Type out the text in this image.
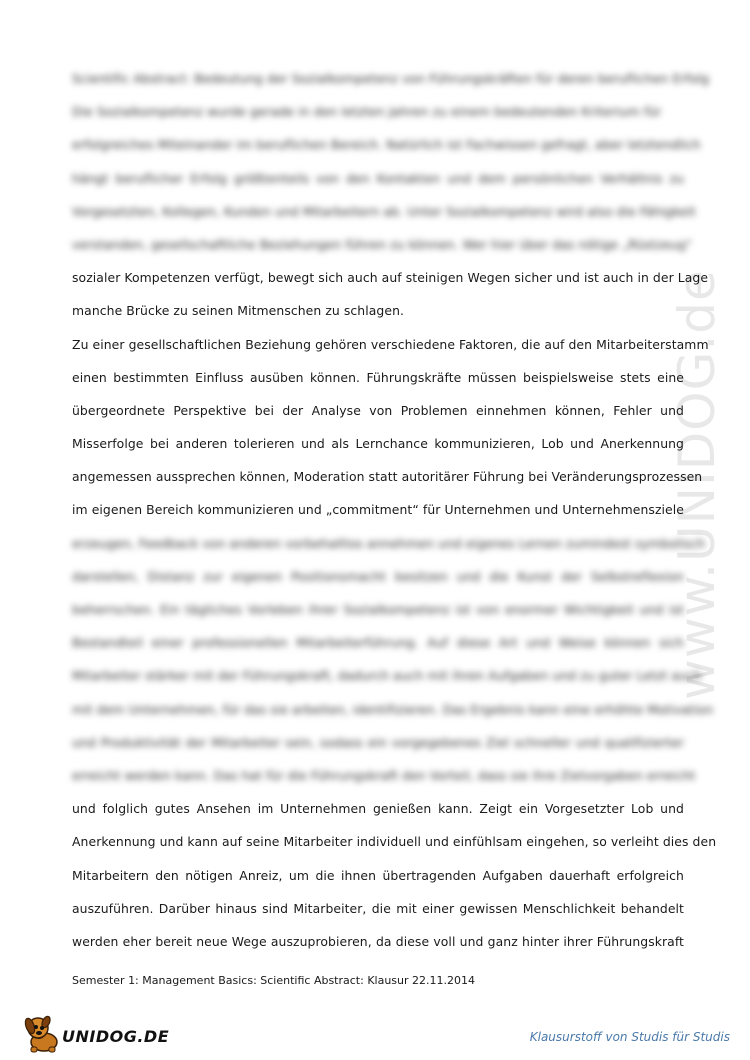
www.UNIDOG.de
Scientific Abstract: Bedeutung der Sozialkompetenz von Führungskräften für deren beruflichen Erfolg
Die Sozialkompetenz wurde gerade in den letzten Jahren zu einem bedeutenden Kriterium für
erfolgreiches Miteinander im beruflichen Bereich. Natürlich ist Fachwissen gefragt, aber letztendlich
hängt beruflicher Erfolg größtenteils von den Kontakten und dem persönlichen Verhältnis zu
Vorgesetzten, Kollegen, Kunden und Mitarbeitern ab. Unter Sozialkompetenz wird also die Fähigkeit
verstanden, gesellschaftliche Beziehungen führen zu können. Wer hier über das nötige „Rüstzeug“
sozialer Kompetenzen verfügt, bewegt sich auch auf steinigen Wegen sicher und ist auch in der Lage
manche Brücke zu seinen Mitmenschen zu schlagen.
Zu einer gesellschaftlichen Beziehung gehören verschiedene Faktoren, die auf den Mitarbeiterstamm
einen bestimmten Einfluss ausüben können. Führungskräfte müssen beispielsweise stets eine
übergeordnete Perspektive bei der Analyse von Problemen einnehmen können, Fehler und
Misserfolge bei anderen tolerieren und als Lernchance kommunizieren, Lob und Anerkennung
angemessen aussprechen können, Moderation statt autoritärer Führung bei Veränderungsprozessen
im eigenen Bereich kommunizieren und „commitment“ für Unternehmen und Unternehmensziele
erzeugen, Feedback von anderen vorbehaltlos annehmen und eigenes Lernen zumindest symbolisch
darstellen, Distanz zur eigenen Positionsmacht besitzen und die Kunst der Selbstreflexion
beherrschen. Ein tägliches Vorleben ihrer Sozialkompetenz ist von enormer Wichtigkeit und ist
Bestandteil einer professionellen Mitarbeiterführung. Auf diese Art und Weise können sich
Mitarbeiter stärker mit der Führungskraft, dadurch auch mit ihren Aufgaben und zu guter Letzt auch
mit dem Unternehmen, für das sie arbeiten, identifizieren. Das Ergebnis kann eine erhöhte Motivation
und Produktivität der Mitarbeiter sein, sodass ein vorgegebenes Ziel schneller und qualifizierter
erreicht werden kann. Das hat für die Führungskraft den Vorteil, dass sie ihre Zielvorgaben erreicht
und folglich gutes Ansehen im Unternehmen genießen kann. Zeigt ein Vorgesetzter Lob und
Anerkennung und kann auf seine Mitarbeiter individuell und einfühlsam eingehen, so verleiht dies den
Mitarbeitern den nötigen Anreiz, um die ihnen übertragenden Aufgaben dauerhaft erfolgreich
auszuführen. Darüber hinaus sind Mitarbeiter, die mit einer gewissen Menschlichkeit behandelt
werden eher bereit neue Wege auszuprobieren, da diese voll und ganz hinter ihrer Führungskraft
Semester 1: Management Basics: Scientific Abstract: Klausur 22.11.2014
UNIDOG.DE	Klausurstoff von Studis für Studis
